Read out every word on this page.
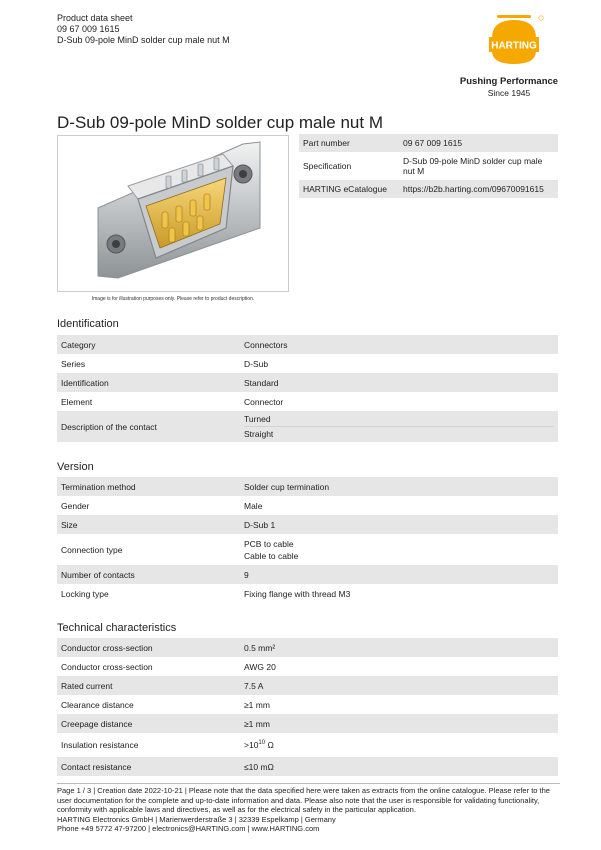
Product data sheet
09 67 009 1615
D-Sub 09-pole MinD solder cup male nut M
HARTING
Pushing Performance
Since 1945
D-Sub 09-pole MinD solder cup male nut M
Image is for illustration purposes only. Please refer to product description.
Part number	09 67 009 1615
Specification	D-Sub 09-pole MinD solder cup male nut M
HARTING eCatalogue	https://b2b.harting.com/09670091615
Identification
Category	Connectors
Series	D-Sub
Identification	Standard
Element	Connector
Description of the contact	Turned
Straight
Version
Termination method	Solder cup termination
Gender	Male
Size	D-Sub 1
Connection type	PCB to cable
Cable to cable

Number of contacts	9
Locking type	Fixing flange with thread M3
Technical characteristics
Conductor cross-section	0.5 mm²
Conductor cross-section	AWG 20
Rated current	7.5 A
Clearance distance	≥1 mm
Creepage distance	≥1 mm
Insulation resistance	$>10^{10}$ Ω
Contact resistance	≤10 mΩ
Page 1 / 3 | Creation date 2022-10-21 | Please note that the data specified here were taken as extracts from the online catalogue. Please refer to the user documentation for the complete and up-to-date information and data. Please also note that the user is responsible for validating functionality, conformity with applicable laws and directives, as well as for the electrical safety in the particular application.
HARTING Electronics GmbH | Marienwerderstraße 3 | 32339 Espelkamp | Germany
Phone +49 5772 47-97200 | electronics@HARTING.com | www.HARTING.com
